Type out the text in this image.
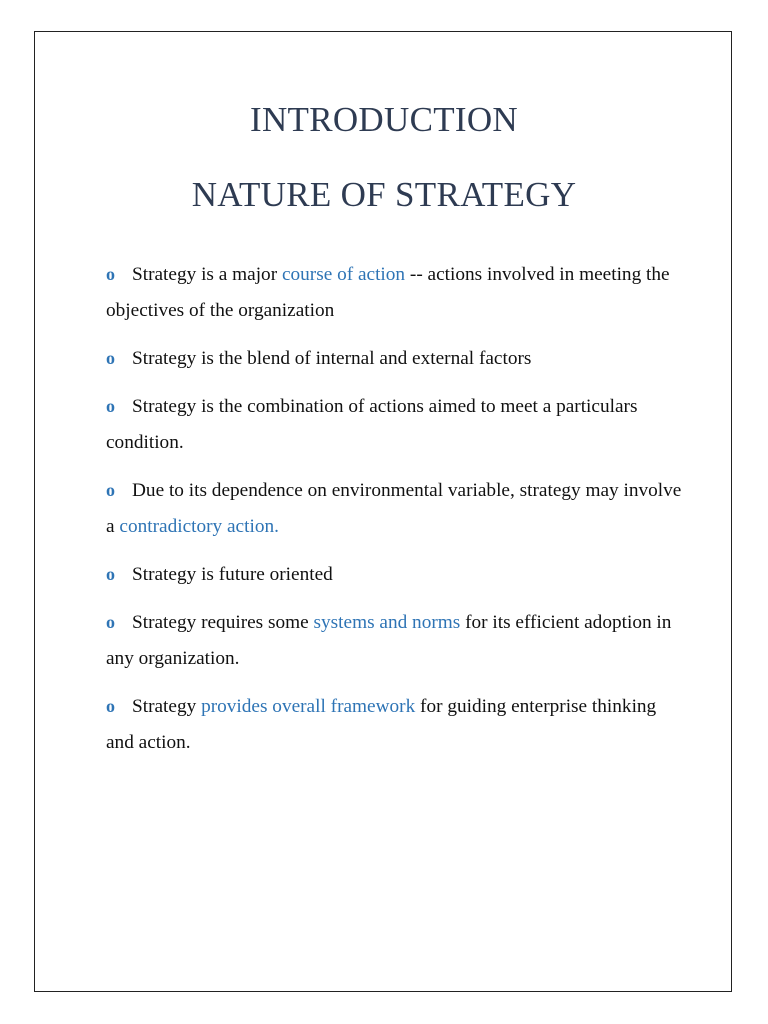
INTRODUCTION
NATURE OF STRATEGY
o Strategy is a major course of action -- actions involved in meeting the objectives of the organization
o Strategy is the blend of internal and external factors
o Strategy is the combination of actions aimed to meet a particulars condition.
o Due to its dependence on environmental variable, strategy may involve a contradictory action.
o Strategy is future oriented
o Strategy requires some systems and norms for its efficient adoption in any organization.
o Strategy provides overall framework for guiding enterprise thinking and action.
